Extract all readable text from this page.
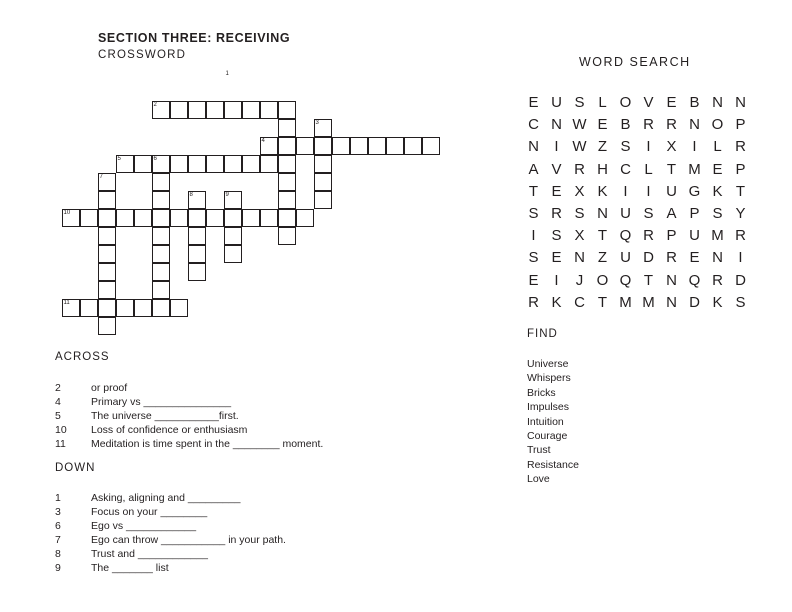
SECTION THREE: RECEIVING
CROSSWORD
1
2
3
4
5	6
7
8	9
10
11
ACROSS
2	or proof
4	Primary vs _______________
5	The universe ___________first.
10 Loss of confidence or enthusiasm
11 Meditation is time spent in the ________ moment.
DOWN
1	Asking, aligning and _________
3	Focus on your ________
6	Ego vs ____________
7	Ego can throw ___________ in your path.
8	Trust and ____________
9	The _______ list
WORD SEARCH
E U S L O V E B N N
C N W E B R R N O P
N I W Z S I X I L R
A V R H C L T M E P
T E X K I I U G K T
S R S N U S A P S Y
I S X T Q R P U M R
S E N Z U D R E N I
E I J O Q T N Q R D
R K C T M M N D K S
FIND
Universe
Whispers
Bricks
Impulses
Intuition
Courage
Trust
Resistance
Love
